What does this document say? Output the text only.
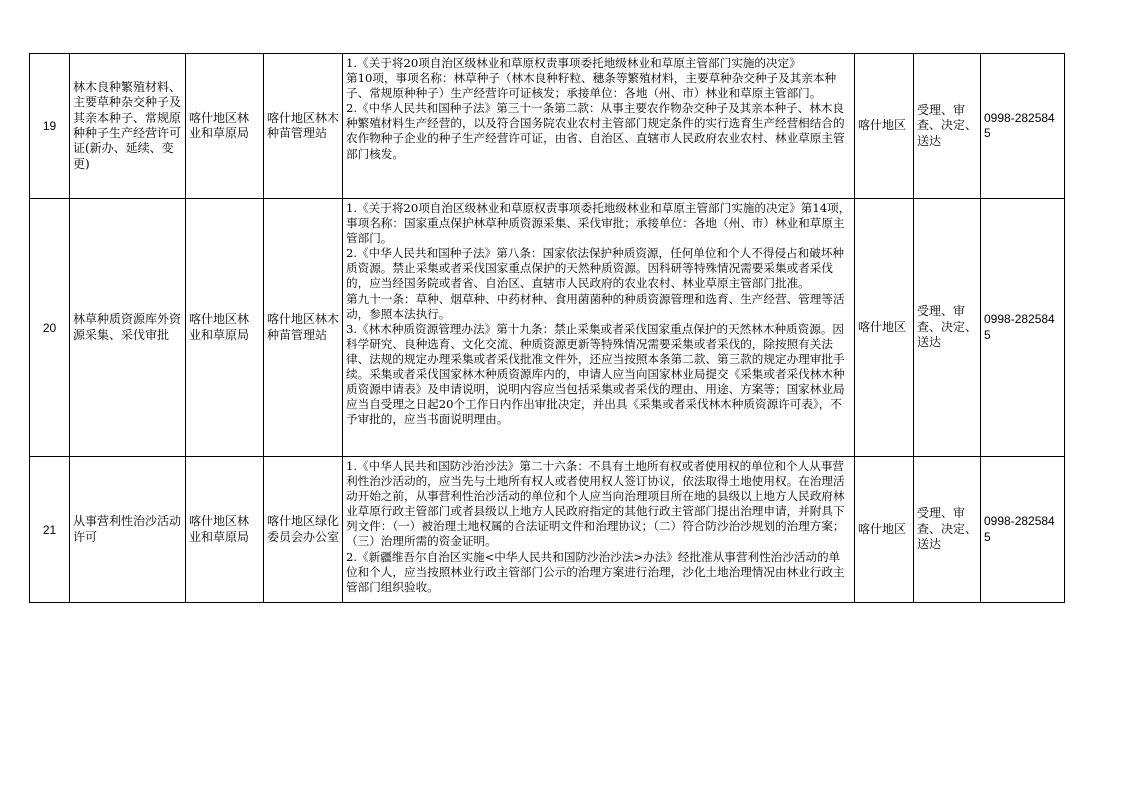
19	林木良种繁殖材料、主要草种杂交种子及其亲本种子、常规原种种子生产经营许可证(新办、延续、变更)	喀什地区林业和草原局	喀什地区林木种苗管理站	1.《关于将20项自治区级林业和草原权责事项委托地级林业和草原主管部门实施的决定》

第10项，事项名称：林草种子（林木良种籽粒、穗条等繁殖材料，主要草种杂交种子及其亲本种子、常规原种种子）生产经营许可证核发；承接单位：各地（州、市）林业和草原主管部门。

2.《中华人民共和国种子法》第三十一条第二款：从事主要农作物杂交种子及其亲本种子、林木良种繁殖材料生产经营的，以及符合国务院农业农村主管部门规定条件的实行选育生产经营相结合的农作物种子企业的种子生产经营许可证，由省、自治区、直辖市人民政府农业农村、林业草原主管部门核发。	喀什地区	受理、审查、决定、送达	0998-2825845

20	林草种质资源库外资源采集、采伐审批	喀什地区林业和草原局	喀什地区林木种苗管理站	1.《关于将20项自治区级林业和草原权责事项委托地级林业和草原主管部门实施的决定》第14项，事项名称：国家重点保护林草种质资源采集、采伐审批；承接单位：各地（州、市）林业和草原主管部门。

2.《中华人民共和国种子法》第八条：国家依法保护种质资源，任何单位和个人不得侵占和破坏种质资源。禁止采集或者采伐国家重点保护的天然种质资源。因科研等特殊情况需要采集或者采伐的，应当经国务院或者省、自治区、直辖市人民政府的农业农村、林业草原主管部门批准。

第九十一条：草种、烟草种、中药材种、食用菌菌种的种质资源管理和选育、生产经营、管理等活动，参照本法执行。

3.《林木种质资源管理办法》第十九条：禁止采集或者采伐国家重点保护的天然林木种质资源。因科学研究、良种选育、文化交流、种质资源更新等特殊情况需要采集或者采伐的，除按照有关法律、法规的规定办理采集或者采伐批准文件外，还应当按照本条第二款、第三款的规定办理审批手续。采集或者采伐国家林木种质资源库内的，申请人应当向国家林业局提交《采集或者采伐林木种质资源申请表》及申请说明，说明内容应当包括采集或者采伐的理由、用途、方案等；国家林业局应当自受理之日起20个工作日内作出审批决定，并出具《采集或者采伐林木种质资源许可表》，不予审批的，应当书面说明理由。	喀什地区	受理、审查、决定、送达	0998-2825845

21	从事营利性治沙活动许可	喀什地区林业和草原局	喀什地区绿化委员会办公室	1.《中华人民共和国防沙治沙法》第二十六条：不具有土地所有权或者使用权的单位和个人从事营利性治沙活动的，应当先与土地所有权人或者使用权人签订协议，依法取得土地使用权。在治理活动开始之前，从事营利性治沙活动的单位和个人应当向治理项目所在地的县级以上地方人民政府林业草原行政主管部门或者县级以上地方人民政府指定的其他行政主管部门提出治理申请，并附具下列文件：（一）被治理土地权属的合法证明文件和治理协议；（二）符合防沙治沙规划的治理方案；（三）治理所需的资金证明。

2.《新疆维吾尔自治区实施<中华人民共和国防沙治沙法>办法》经批准从事营利性治沙活动的单位和个人，应当按照林业行政主管部门公示的治理方案进行治理，沙化土地治理情况由林业行政主管部门组织验收。	喀什地区	受理、审查、决定、送达	0998-2825845
